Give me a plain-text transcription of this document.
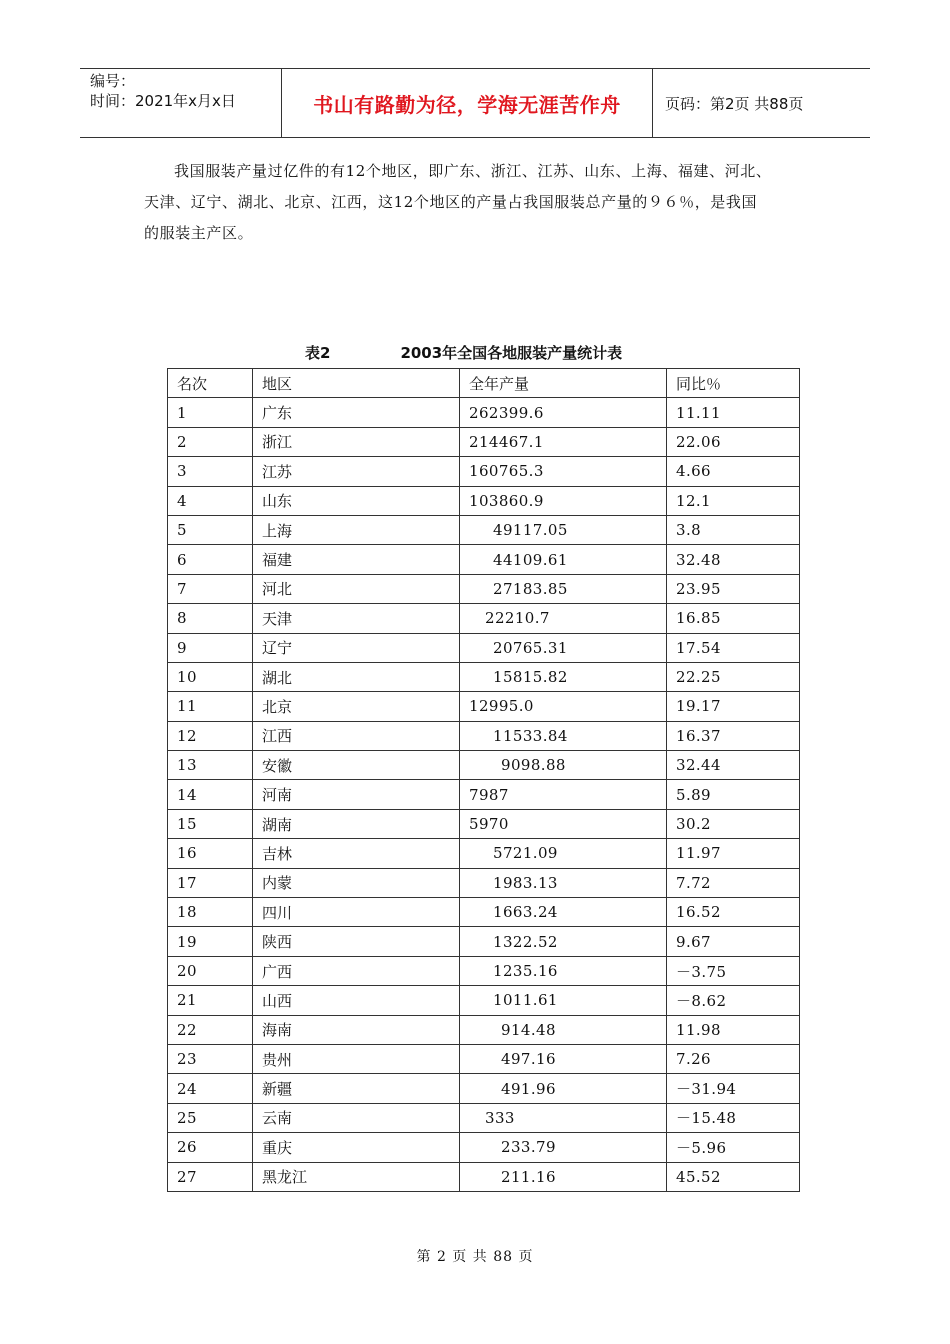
编号：
时间：2021年x月x日	书山有路勤为径，学海无涯苦作舟	页码：第2页 共88页

我国服装产量过亿件的有12个地区，即广东、浙江、江苏、山东、上海、福建、河北、

天津、辽宁、湖北、北京、江西，这12个地区的产量占我国服装总产量的９６％，是我国
的服装主产区。
表2	2003年全国各地服装产量统计表
名次	地区	全年产量	同比％
1	广东	262399.6	11.11
2	浙江	214467.1	22.06
3	江苏	160765.3	4.66
4	山东	103860.9	12.1
5	上海	49117.05	3.8
6	福建	44109.61	32.48
7	河北	27183.85	23.95
8	天津	22210.7	16.85
9	辽宁	20765.31	17.54
10	湖北	15815.82	22.25
11	北京	12995.0	19.17
12	江西	11533.84	16.37
13	安徽	9098.88	32.44
14	河南	7987	5.89
15	湖南	5970	30.2
16	吉林	5721.09	11.97
17	内蒙	1983.13	7.72
18	四川	1663.24	16.52
19	陕西	1322.52	9.67
20	广西	1235.16	－3.75
21	山西	1011.61	－8.62
22	海南	914.48	11.98
23	贵州	497.16	7.26
24	新疆	491.96	－31.94
25	云南	333	－15.48
26	重庆	233.79	－5.96
27	黑龙江	211.16	45.52
第 2 页 共 88 页
